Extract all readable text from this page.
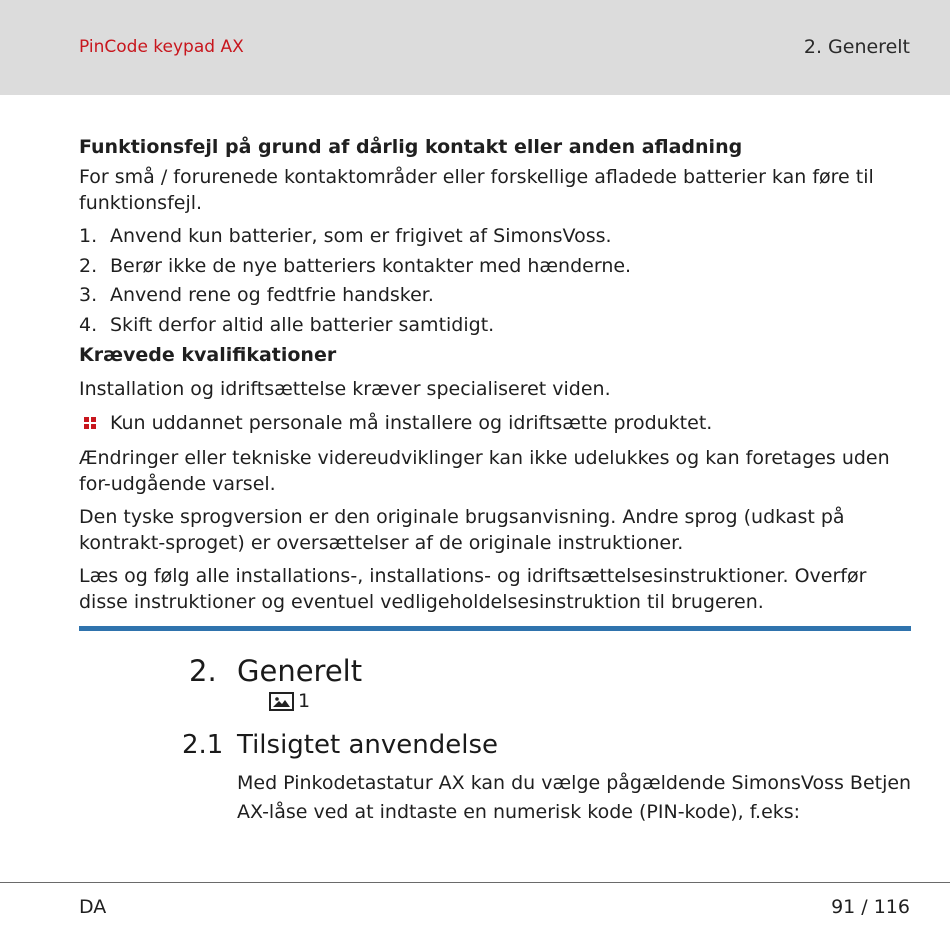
PinCode keypad AX	2. Generelt
Funktionsfejl på grund af dårlig kontakt eller anden afladning
For små / forurenede kontaktområder eller forskellige afladede batterier kan føre til funktionsfejl.
1. Anvend kun batterier, som er frigivet af SimonsVoss.
2. Berør ikke de nye batteriers kontakter med hænderne.
3. Anvend rene og fedtfrie handsker.
4. Skift derfor altid alle batterier samtidigt.
Krævede kvalifikationer
Installation og idriftsættelse kræver specialiseret viden.
Kun uddannet personale må installere og idriftsætte produktet.
Ændringer eller tekniske videreudviklinger kan ikke udelukkes og kan foretages uden for-udgående varsel.
Den tyske sprogversion er den originale brugsanvisning. Andre sprog (udkast på kontrakt-sproget) er oversættelser af de originale instruktioner.
Læs og følg alle installations-, installations- og idriftsættelsesinstruktioner. Overfør disse instruktioner og eventuel vedligeholdelsesinstruktion til brugeren.
2. Generelt
1
2.1 Tilsigtet anvendelse
Med Pinkodetastatur AX kan du vælge pågældende SimonsVoss Betjen AX-låse ved at indtaste en numerisk kode (PIN-kode), f.eks:
DA	91 / 116
